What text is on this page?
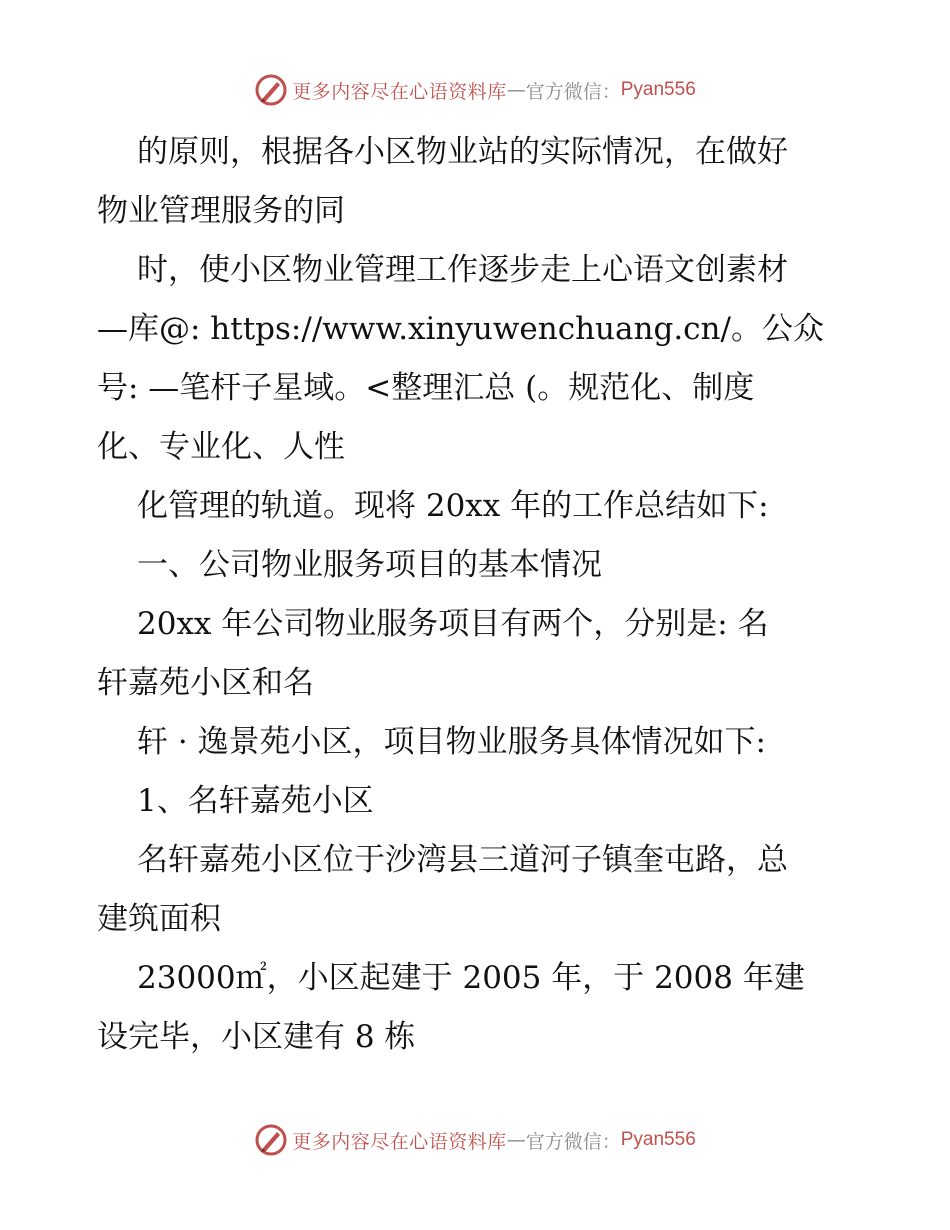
更多内容尽在心语资料库 — 官方微信： Pyan556
的原则，根据各小区物业站的实际情况，在做好
物业管理服务的同
时，使小区物业管理工作逐步走上心语文创素材
—库@: https://www.xinyuwenchuang.cn/。公众
号: —笔杆子星域。<整理汇总 (。规范化、制度
化、专业化、人性
化管理的轨道。现将 20xx 年的工作总结如下:
一、公司物业服务项目的基本情况
20xx 年公司物业服务项目有两个，分别是: 名
轩嘉苑小区和名
轩 · 逸景苑小区，项目物业服务具体情况如下:
1、名轩嘉苑小区
名轩嘉苑小区位于沙湾县三道河子镇奎屯路，总
建筑面积
23000㎡，小区起建于 2005 年，于 2008 年建
设完毕，小区建有 8 栋
更多内容尽在心语资料库 — 官方微信： Pyan556
